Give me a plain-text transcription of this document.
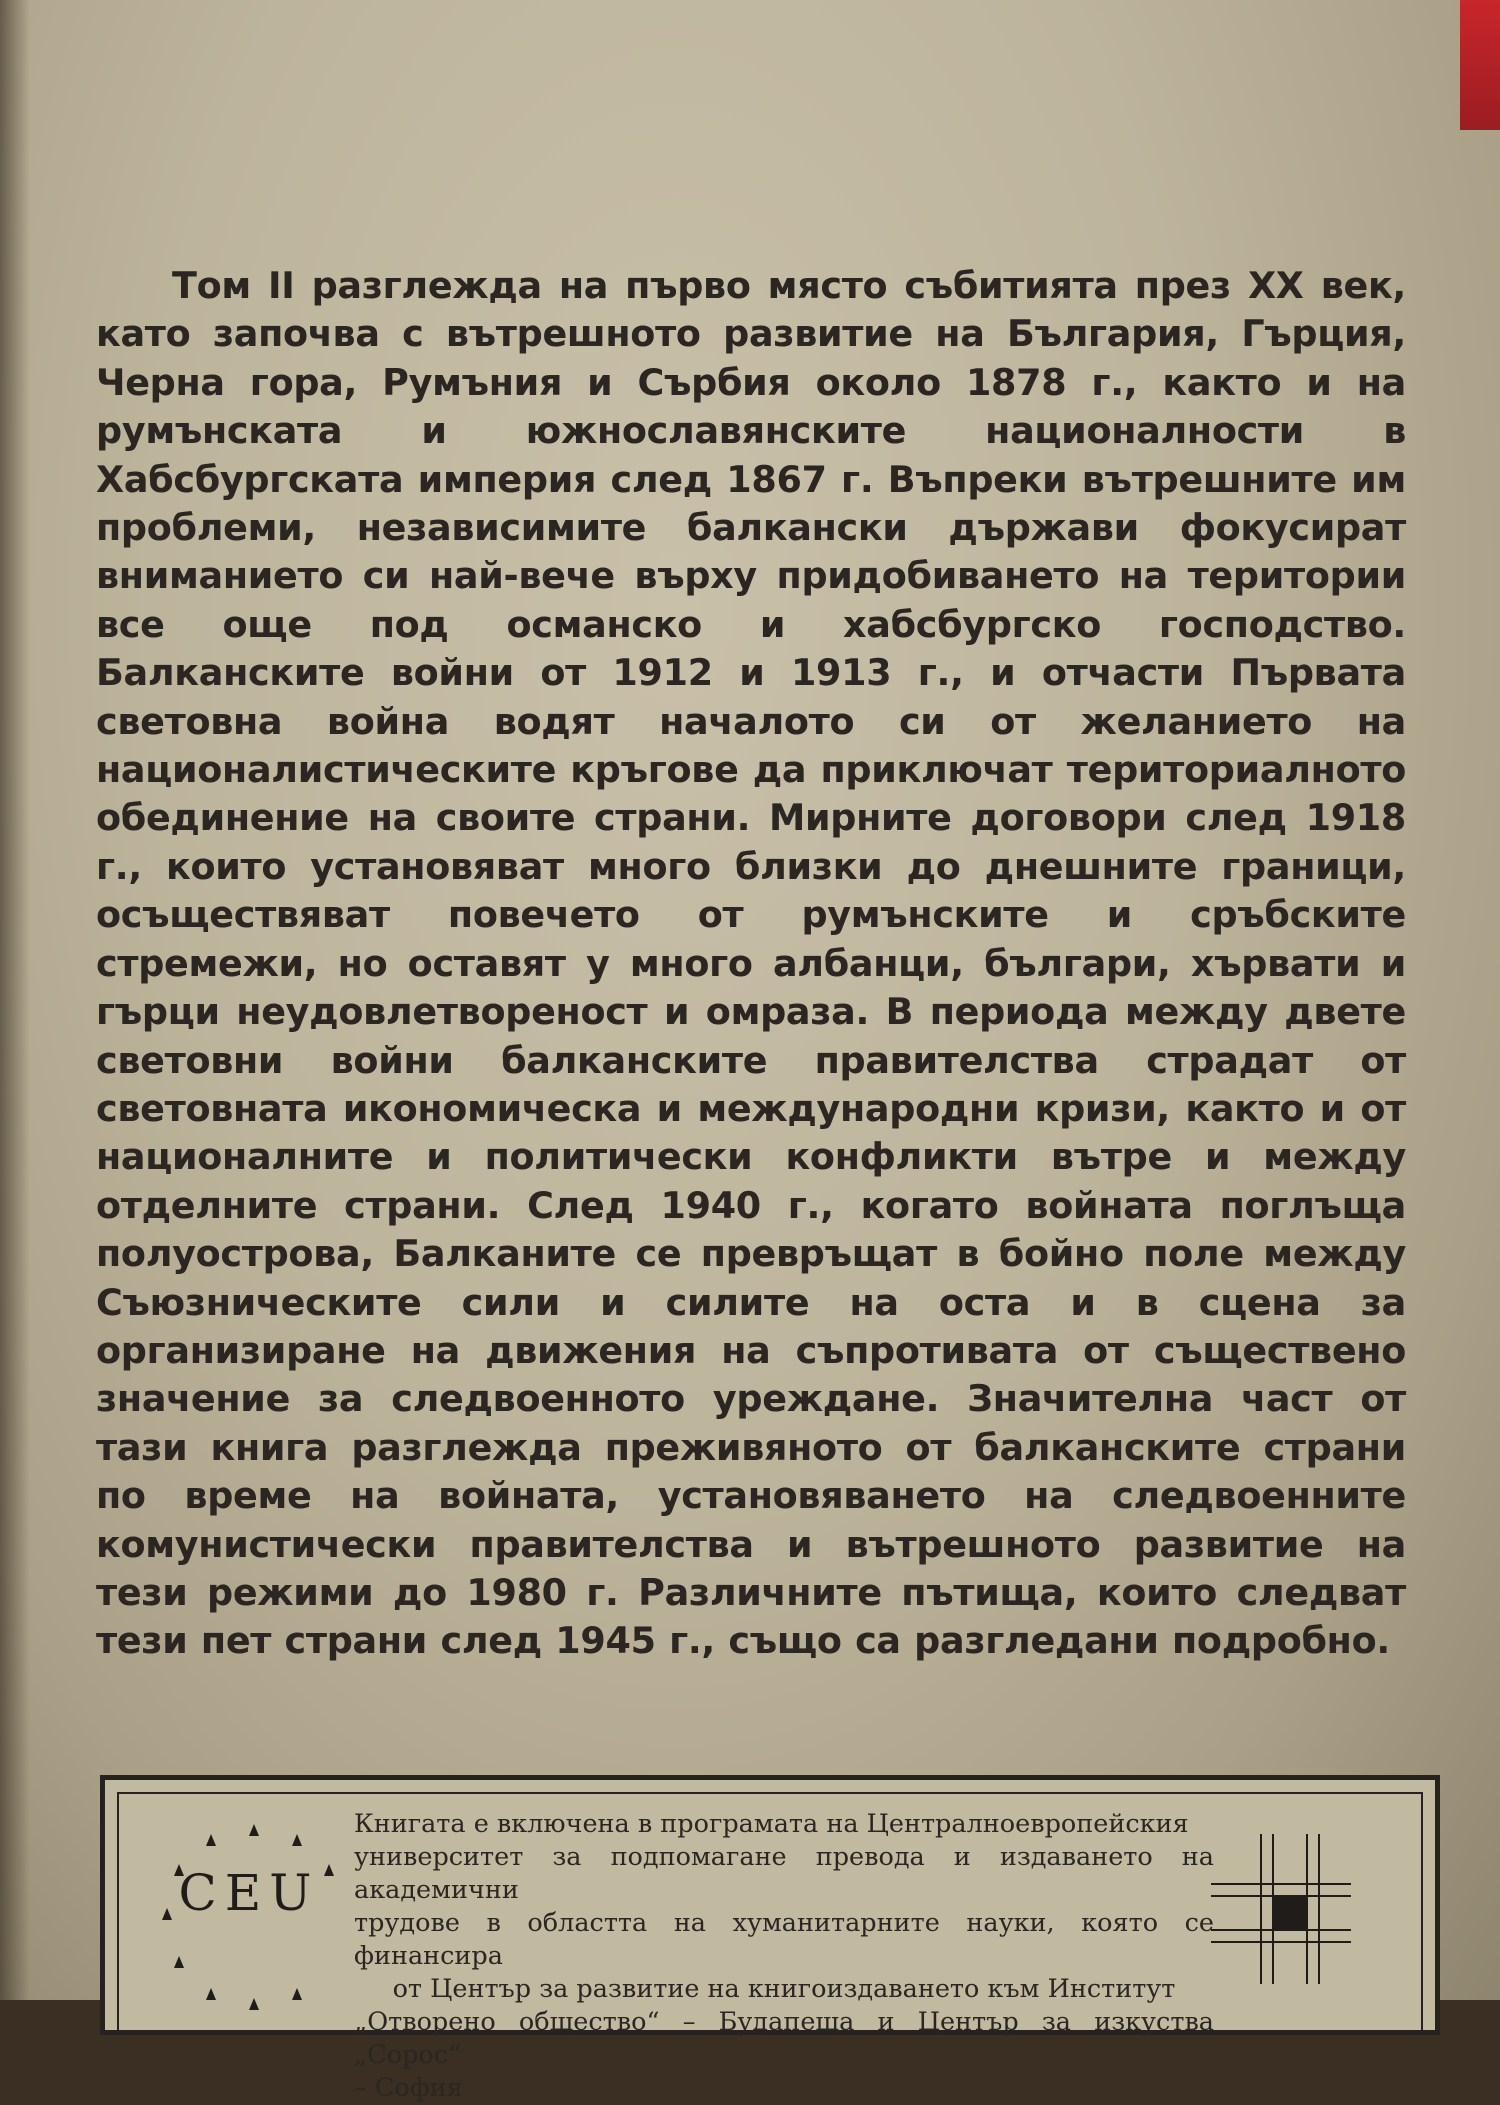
Том II разглежда на първо място събитията през XX век, като започва с вътрешното развитие на България, Гърция, Черна гора, Румъния и Сърбия около 1878 г., както и на румънската и южнославянските националности в Хабсбургската империя след 1867 г. Въпреки вътрешните им проблеми, независимите балкански държави фокусират вниманието си най-вече върху придобиването на територии все още под османско и хабсбургско господство. Балканските войни от 1912 и 1913 г., и отчасти Първата световна война водят началото си от желанието на националистическите кръгове да приключат териториалното обединение на своите страни. Мирните договори след 1918 г., които установяват много близки до днешните граници, осъществяват повечето от румънските и сръбските стремежи, но оставят у много албанци, българи, хървати и гърци неудовлетвореност и омраза. В периода между двете световни войни балканските правителства страдат от световната икономическа и международни кризи, както и от националните и политически конфликти вътре и между отделните страни. След 1940 г., когато войната поглъща полуострова, Балканите се превръщат в бойно поле между Съюзническите сили и силите на оста и в сцена за организиране на движения на съпротивата от съществено значение за следвоенното уреждане. Значителна част от тази книга разглежда преживяното от балканските страни по време на войната, установяването на следвоенните комунистически правителства и вътрешното развитие на тези режими до 1980 г. Различните пътища, които следват тези пет страни след 1945 г., също са разгледани подробно.

CEU

Книгата е включена в програмата на Централноевропейския
университет за подпомагане превода и издаването на академични
трудове в областта на хуманитарните науки, която се финансира
от Център за развитие на книгоиздаването към Институт
„Отворено общество“ – Будапеща и Център за изкуства „Сорос“
– София
